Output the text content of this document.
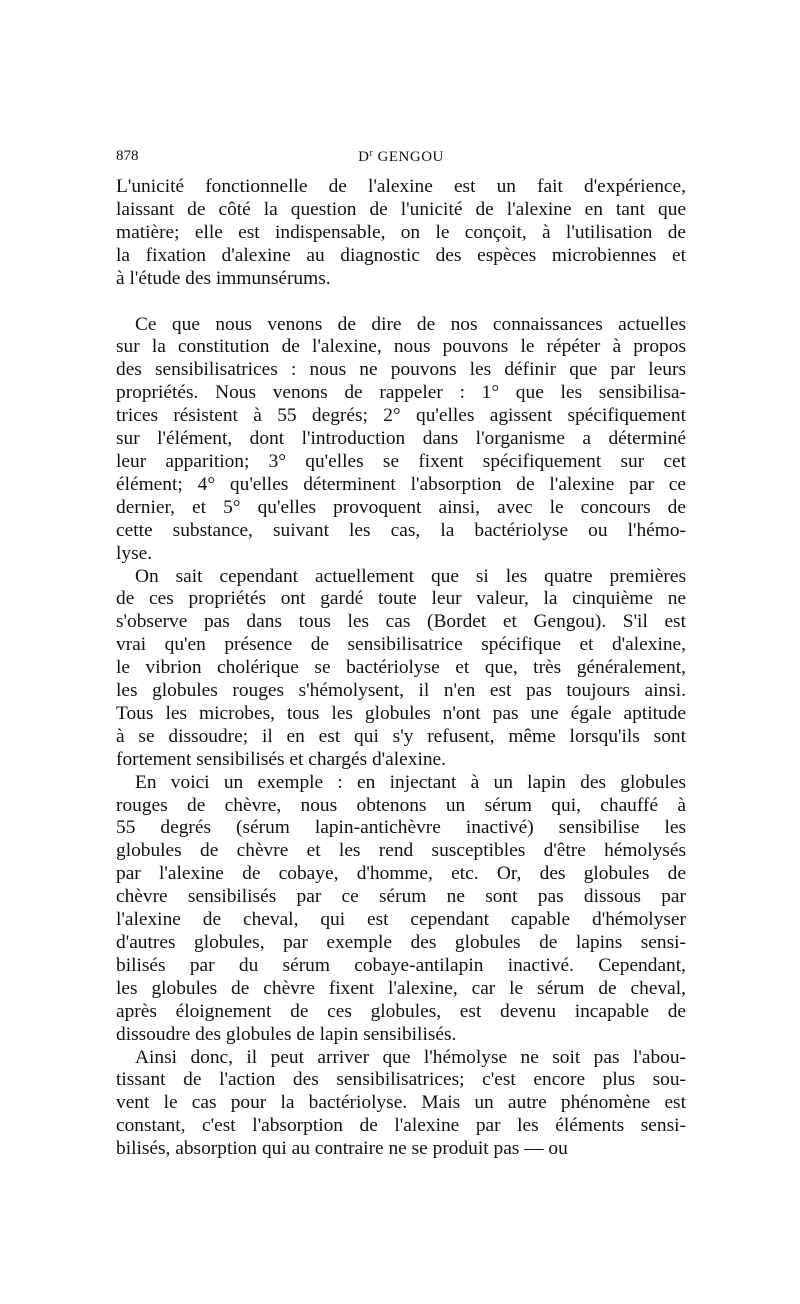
878	$D^r$ GENGOU

L'unicité fonctionnelle de l'alexine est un fait d'expérience,
laissant de côté la question de l'unicité de l'alexine en tant que
matière; elle est indispensable, on le conçoit, à l'utilisation de
la fixation d'alexine au diagnostic des espèces microbiennes et
à l'étude des immunsérums.

Ce que nous venons de dire de nos connaissances actuelles
sur la constitution de l'alexine, nous pouvons le répéter à propos
des sensibilisatrices : nous ne pouvons les définir que par leurs
propriétés. Nous venons de rappeler : 1° que les sensibilisa-
trices résistent à 55 degrés; 2° qu'elles agissent spécifiquement
sur l'élément, dont l'introduction dans l'organisme a déterminé
leur apparition; 3° qu'elles se fixent spécifiquement sur cet
élément; 4° qu'elles déterminent l'absorption de l'alexine par ce
dernier, et 5° qu'elles provoquent ainsi, avec le concours de
cette substance, suivant les cas, la bactériolyse ou l'hémo-
lyse.

On sait cependant actuellement que si les quatre premières
de ces propriétés ont gardé toute leur valeur, la cinquième ne
s'observe pas dans tous les cas (Bordet et Gengou). S'il est
vrai qu'en présence de sensibilisatrice spécifique et d'alexine,
le vibrion cholérique se bactériolyse et que, très généralement,
les globules rouges s'hémolysent, il n'en est pas toujours ainsi.
Tous les microbes, tous les globules n'ont pas une égale aptitude
à se dissoudre; il en est qui s'y refusent, même lorsqu'ils sont
fortement sensibilisés et chargés d'alexine.

En voici un exemple : en injectant à un lapin des globules
rouges de chèvre, nous obtenons un sérum qui, chauffé à
55 degrés (sérum lapin-antichèvre inactivé) sensibilise les
globules de chèvre et les rend susceptibles d'être hémolysés
par l'alexine de cobaye, d'homme, etc. Or, des globules de
chèvre sensibilisés par ce sérum ne sont pas dissous par
l'alexine de cheval, qui est cependant capable d'hémolyser
d'autres globules, par exemple des globules de lapins sensi-
bilisés par du sérum cobaye-antilapin inactivé. Cependant,
les globules de chèvre fixent l'alexine, car le sérum de cheval,
après éloignement de ces globules, est devenu incapable de
dissoudre des globules de lapin sensibilisés.

Ainsi donc, il peut arriver que l'hémolyse ne soit pas l'abou-
tissant de l'action des sensibilisatrices; c'est encore plus sou-
vent le cas pour la bactériolyse. Mais un autre phénomène est
constant, c'est l'absorption de l'alexine par les éléments sensi-
bilisés, absorption qui au contraire ne se produit pas — ou
